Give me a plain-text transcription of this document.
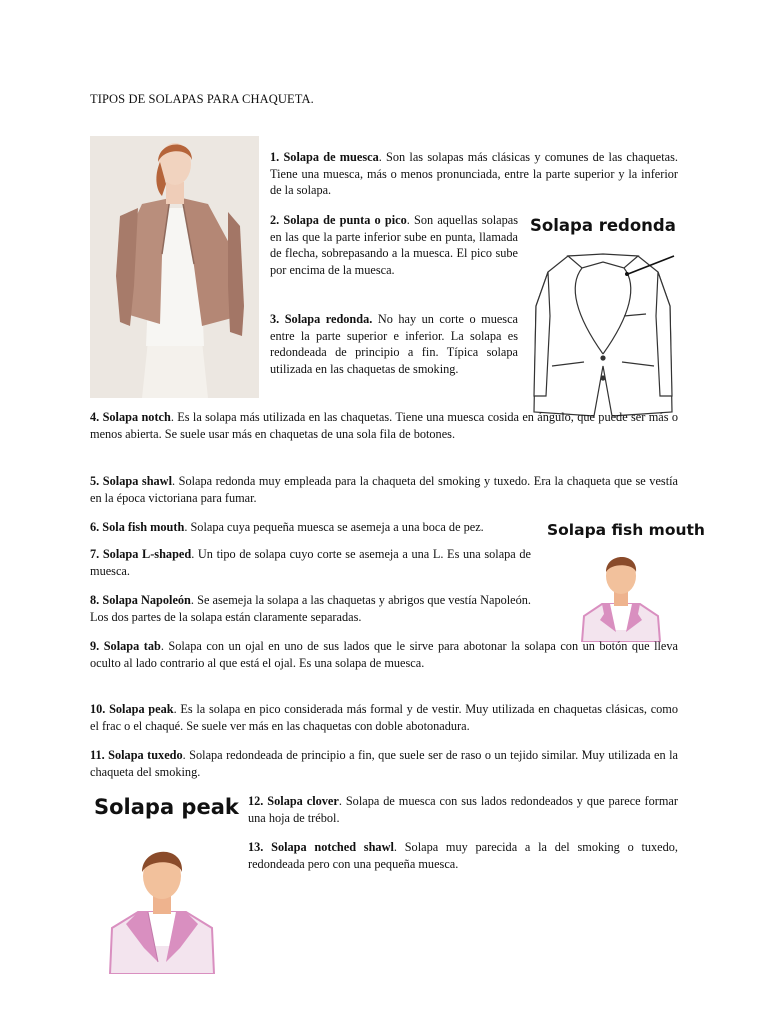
TIPOS DE SOLAPAS PARA CHAQUETA.

1. Solapa de muesca. Son las solapas más clásicas y comunes de las chaquetas. Tiene una muesca, más o menos pronunciada, entre la parte superior y la inferior de la solapa.

2. Solapa de punta o pico. Son aquellas solapas en las que la parte inferior sube en punta, llamada de flecha, sobrepasando a la muesca. El pico sube por encima de la muesca.

3. Solapa redonda. No hay un corte o muesca entre la parte superior e inferior. La solapa es redondeada de principio a fin. Típica solapa utilizada en las chaquetas de smoking.

Solapa redonda

4. Solapa notch. Es la solapa más utilizada en las chaquetas. Tiene una muesca cosida en ángulo, que puede ser más o menos abierta. Se suele usar más en chaquetas de una sola fila de botones.

5. Solapa shawl. Solapa redonda muy empleada para la chaqueta del smoking y tuxedo. Era la chaqueta que se vestía en la época victoriana para fumar.

6. Sola fish mouth. Solapa cuya pequeña muesca se asemeja a una boca de pez.

7. Solapa L-shaped. Un tipo de solapa cuyo corte se asemeja a una L. Es una solapa de muesca.

8. Solapa Napoleón. Se asemeja la solapa a las chaquetas y abrigos que vestía Napoleón. Los dos partes de la solapa están claramente separadas.

Solapa fish mouth

9. Solapa tab. Solapa con un ojal en uno de sus lados que le sirve para abotonar la solapa con un botón que lleva oculto al lado contrario al que está el ojal. Es una solapa de muesca.

10. Solapa peak. Es la solapa en pico considerada más formal y de vestir. Muy utilizada en chaquetas clásicas, como el frac o el chaqué. Se suele ver más en las chaquetas con doble abotonadura.

11. Solapa tuxedo. Solapa redondeada de principio a fin, que suele ser de raso o un tejido similar. Muy utilizada en la chaqueta del smoking.

Solapa peak 12. Solapa clover. Solapa de muesca con sus lados redondeados y que parece formar una hoja de trébol.

13. Solapa notched shawl. Solapa muy parecida a la del smoking o tuxedo, redondeada pero con una pequeña muesca.
